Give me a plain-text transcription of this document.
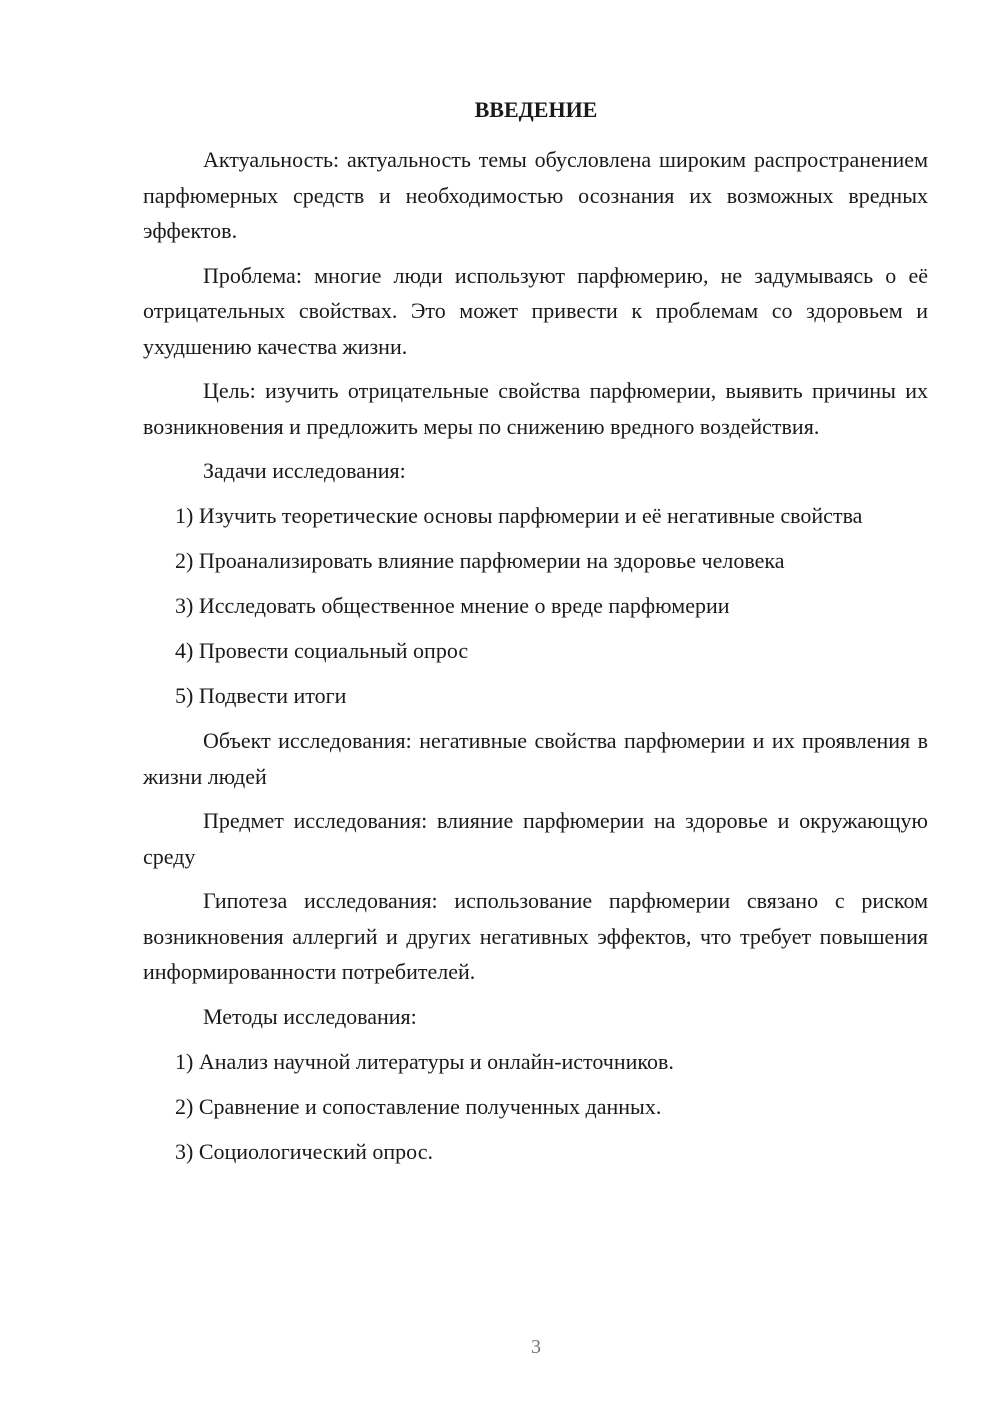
ВВЕДЕНИЕ

Актуальность: актуальность темы обусловлена широким распространением парфюмерных средств и необходимостью осознания их возможных вредных эффектов.

Проблема: многие люди используют парфюмерию, не задумываясь о её отрицательных свойствах. Это может привести к проблемам со здоровьем и ухудшению качества жизни.

Цель: изучить отрицательные свойства парфюмерии, выявить причины их возникновения и предложить меры по снижению вредного воздействия.

Задачи исследования:

1) Изучить теоретические основы парфюмерии и её негативные свойства

2) Проанализировать влияние парфюмерии на здоровье человека

3) Исследовать общественное мнение о вреде парфюмерии

4) Провести социальный опрос

5) Подвести итоги

Объект исследования: негативные свойства парфюмерии и их проявления в жизни людей

Предмет исследования: влияние парфюмерии на здоровье и окружающую среду

Гипотеза исследования: использование парфюмерии связано с риском возникновения аллергий и других негативных эффектов, что требует повышения информированности потребителей.

Методы исследования:

1) Анализ научной литературы и онлайн-источников.

2) Сравнение и сопоставление полученных данных.

3) Социологический опрос.

3
